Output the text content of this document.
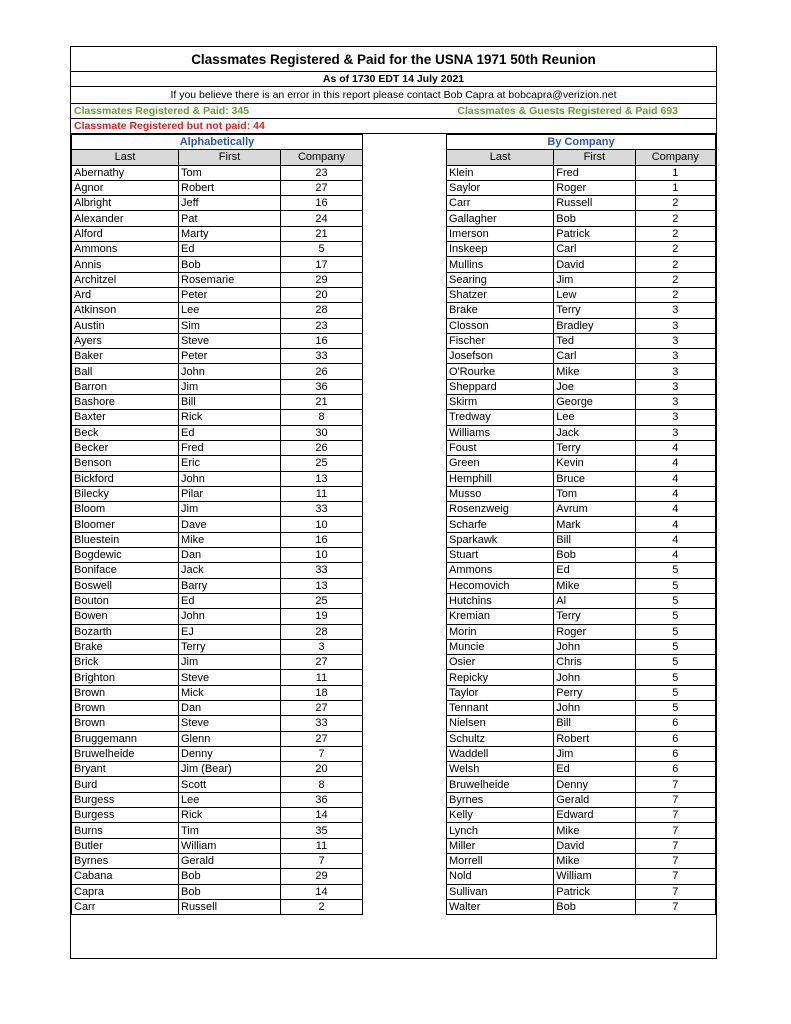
Classmates Registered & Paid for the USNA 1971 50th Reunion
As of 1730 EDT 14 July 2021
If you believe there is an error in this report please contact Bob Capra at bobcapra@verizion.net
Classmates Registered & Paid: 345	Classmates & Guests Registered & Paid 693
Classmate Registered but not paid: 44
Alphabetically		
Last	First	Company
Abernathy	Tom	23
Agnor	Robert	27
Albright	Jeff	16
Alexander	Pat	24
Alford	Marty	21
Ammons	Ed	5
Annis	Bob	17
Architzel	Rosemarie	29
Ard	Peter	20
Atkinson	Lee	28
Austin	Sim	23
Ayers	Steve	16
Baker	Peter	33
Ball	John	26
Barron	Jim	36
Bashore	Bill	21
Baxter	Rick	8
Beck	Ed	30
Becker	Fred	26
Benson	Eric	25
Bickford	John	13
Bilecky	Pilar	11
Bloom	Jim	33
Bloomer	Dave	10
Bluestein	Mike	16
Bogdewic	Dan	10
Boniface	Jack	33
Boswell	Barry	13
Bouton	Ed	25
Bowen	John	19
Bozarth	EJ	28
Brake	Terry	3
Brick	Jim	27
Brighton	Steve	11
Brown	Mick	18
Brown	Dan	27
Brown	Steve	33
Bruggemann	Glenn	27
Bruwelheide	Denny	7
Bryant	Jim (Bear)	20
Burd	Scott	8
Burgess	Lee	36
Burgess	Rick	14
Burns	Tim	35
Butler	William	11
Byrnes	Gerald	7
Cabana	Bob	29
Capra	Bob	14
Carr	Russell	2
By Company		
Last	First	Company
Klein	Fred	1
Saylor	Roger	1
Carr	Russell	2
Gallagher	Bob	2
Imerson	Patrick	2
Inskeep	Carl	2
Mullins	David	2
Searing	Jim	2
Shatzer	Lew	2
Brake	Terry	3
Closson	Bradley	3
Fischer	Ted	3
Josefson	Carl	3
O'Rourke	Mike	3
Sheppard	Joe	3
Skirm	George	3
Tredway	Lee	3
Williams	Jack	3
Foust	Terry	4
Green	Kevin	4
Hemphill	Bruce	4
Musso	Tom	4
Rosenzweig	Avrum	4
Scharfe	Mark	4
Sparkawk	Bill	4
Stuart	Bob	4
Ammons	Ed	5
Hecomovich	Mike	5
Hutchins	Al	5
Kremian	Terry	5
Morin	Roger	5
Muncie	John	5
Osier	Chris	5
Repicky	John	5
Taylor	Perry	5
Tennant	John	5
Nielsen	Bill	6
Schultz	Robert	6
Waddell	Jim	6
Welsh	Ed	6
Bruwelheide	Denny	7
Byrnes	Gerald	7
Kelly	Edward	7
Lynch	Mike	7
Miller	David	7
Morrell	Mike	7
Nold	William	7
Sullivan	Patrick	7
Walter	Bob	7
